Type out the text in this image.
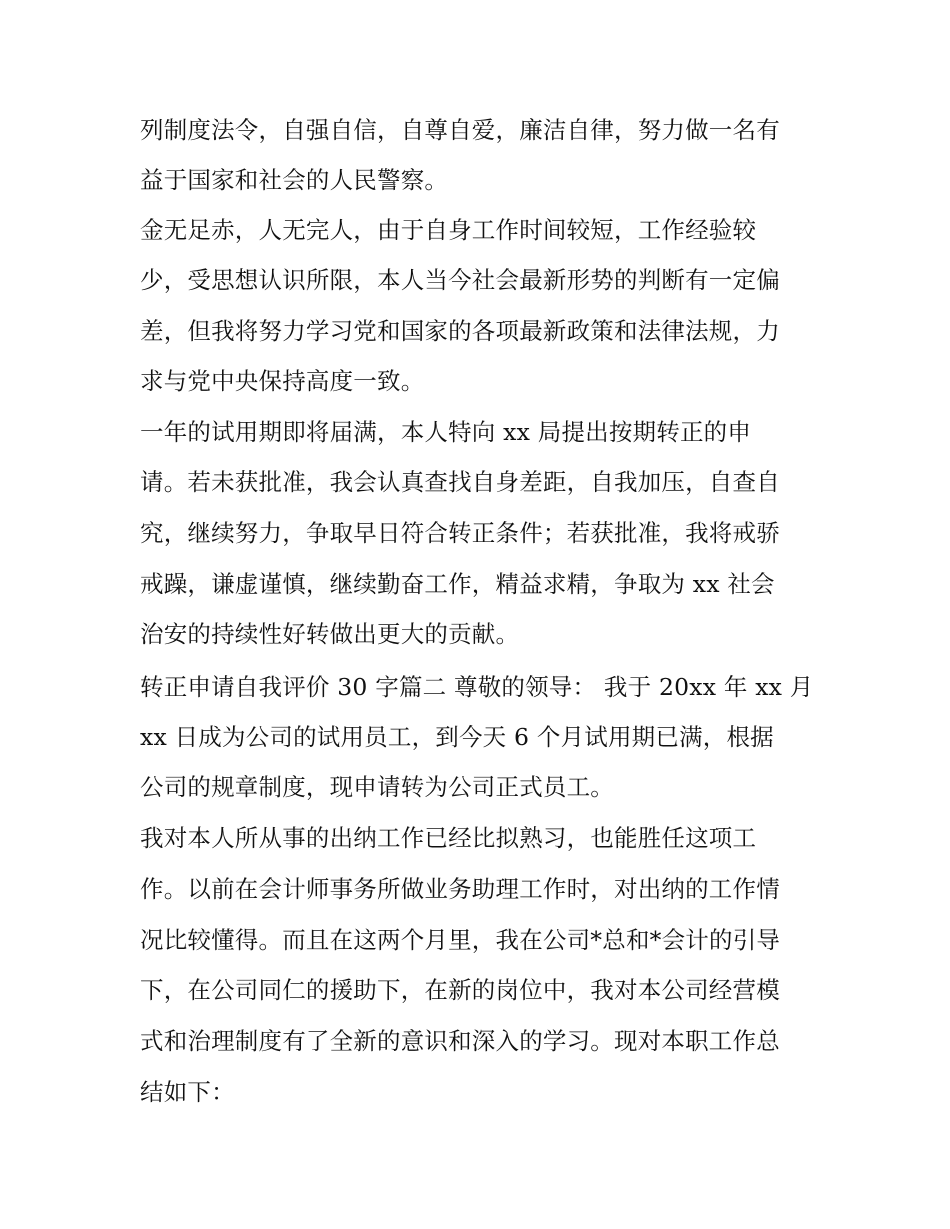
列制度法令，自强自信，自尊自爱，廉洁自律，努力做一名有
益于国家和社会的人民警察。
金无足赤，人无完人，由于自身工作时间较短，工作经验较
少，受思想认识所限，本人当今社会最新形势的判断有一定偏
差，但我将努力学习党和国家的各项最新政策和法律法规，力
求与党中央保持高度一致。
一年的试用期即将届满，本人特向 xx 局提出按期转正的申
请。若未获批准，我会认真查找自身差距，自我加压，自查自
究，继续努力，争取早日符合转正条件；若获批准，我将戒骄
戒躁，谦虚谨慎，继续勤奋工作，精益求精，争取为 xx 社会
治安的持续性好转做出更大的贡献。
转正申请自我评价 30 字篇二 尊敬的领导： 我于 20xx 年 xx 月
xx 日成为公司的试用员工，到今天 6 个月试用期已满，根据
公司的规章制度，现申请转为公司正式员工。
我对本人所从事的出纳工作已经比拟熟习，也能胜任这项工
作。以前在会计师事务所做业务助理工作时，对出纳的工作情
况比较懂得。而且在这两个月里，我在公司*总和*会计的引导
下，在公司同仁的援助下，在新的岗位中，我对本公司经营模
式和治理制度有了全新的意识和深入的学习。现对本职工作总
结如下：
